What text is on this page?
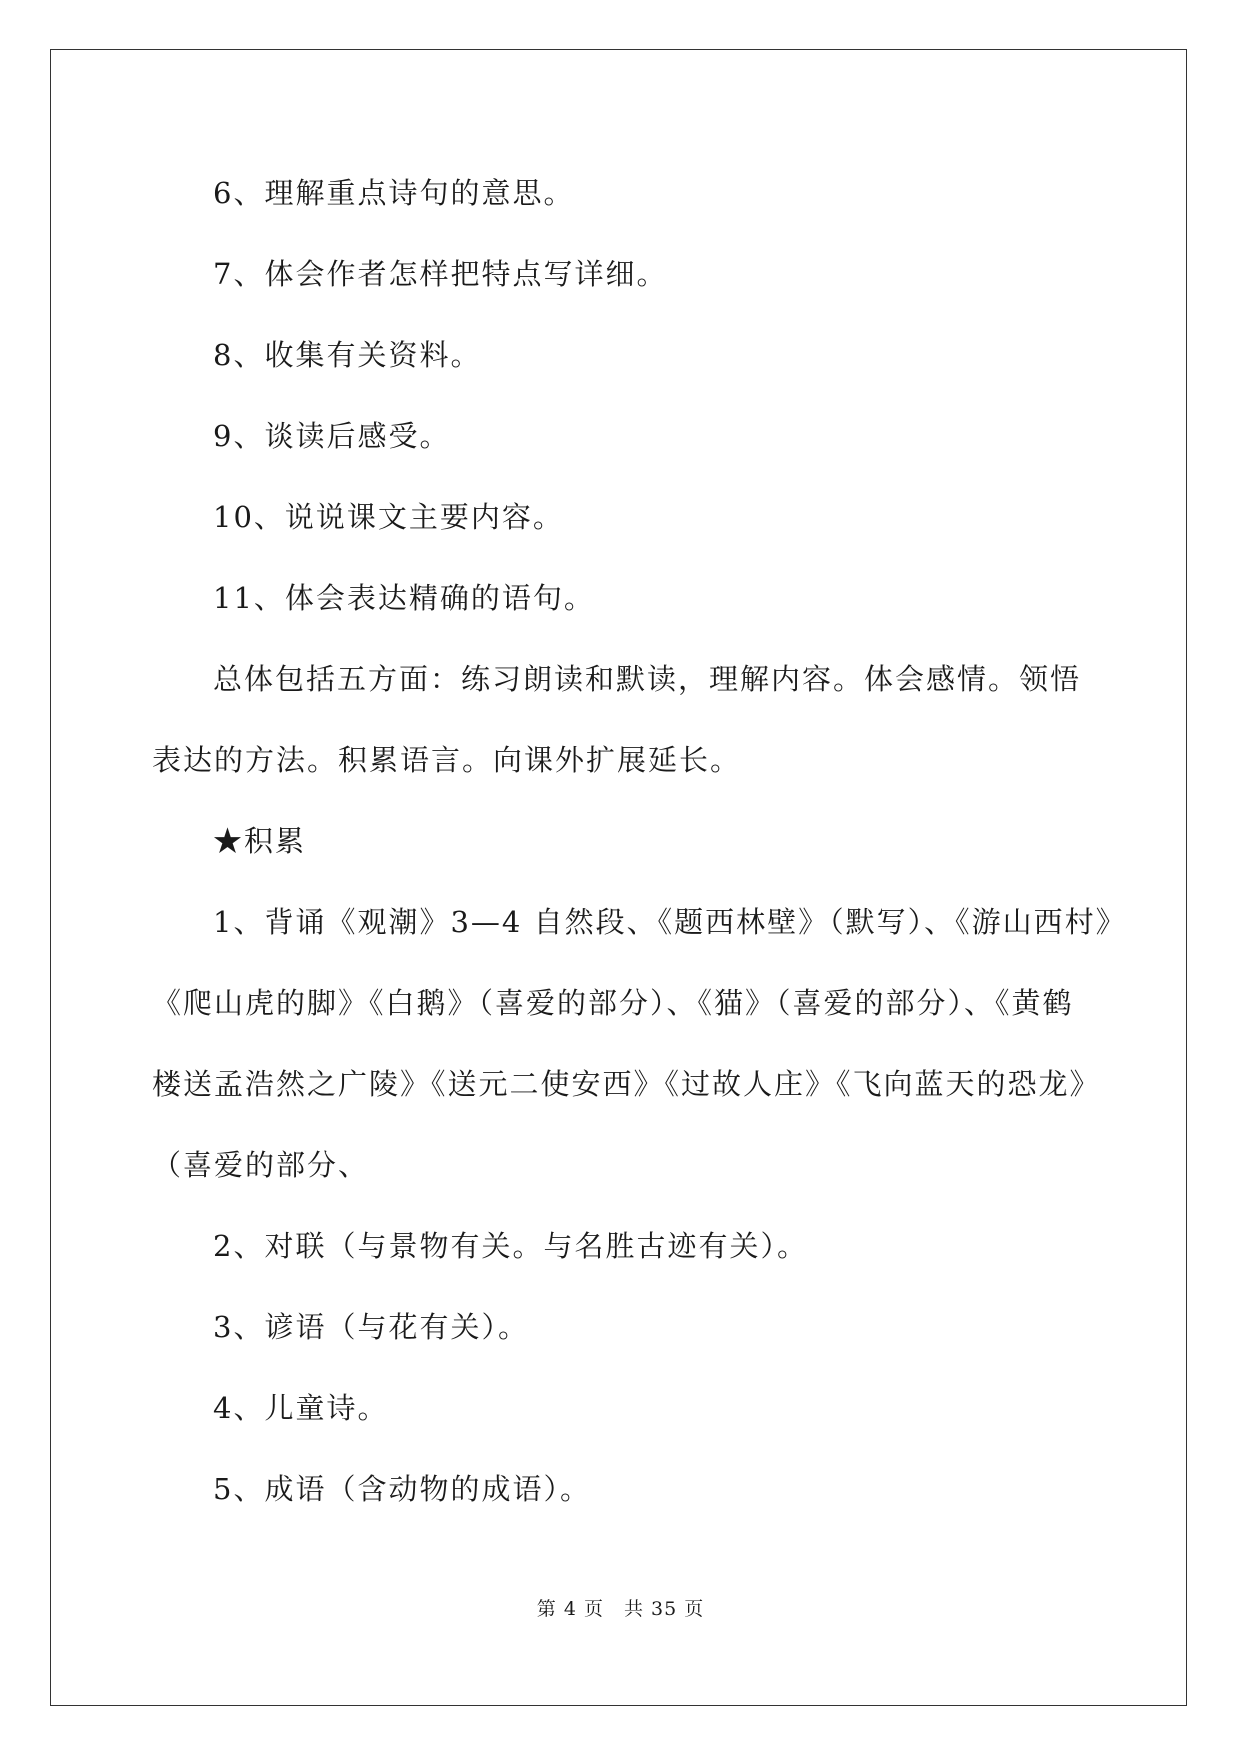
6、理解重点诗句的意思。
7、体会作者怎样把特点写详细。
8、收集有关资料。
9、谈读后感受。
10、说说课文主要内容。
11、体会表达精确的语句。
总体包括五方面：练习朗读和默读，理解内容。体会感情。领悟
表达的方法。积累语言。向课外扩展延长。
★积累
1、背诵《观潮》3—4 自然段、《题西林壁》（默写）、《游山西村》
《爬山虎的脚》《白鹅》（喜爱的部分）、《猫》（喜爱的部分）、《黄鹤
楼送孟浩然之广陵》《送元二使安西》《过故人庄》《飞向蓝天的恐龙》
（喜爱的部分、
2、对联（与景物有关。与名胜古迹有关）。
3、谚语（与花有关）。
4、儿童诗。
5、成语（含动物的成语）。
第 4 页　共 35 页
